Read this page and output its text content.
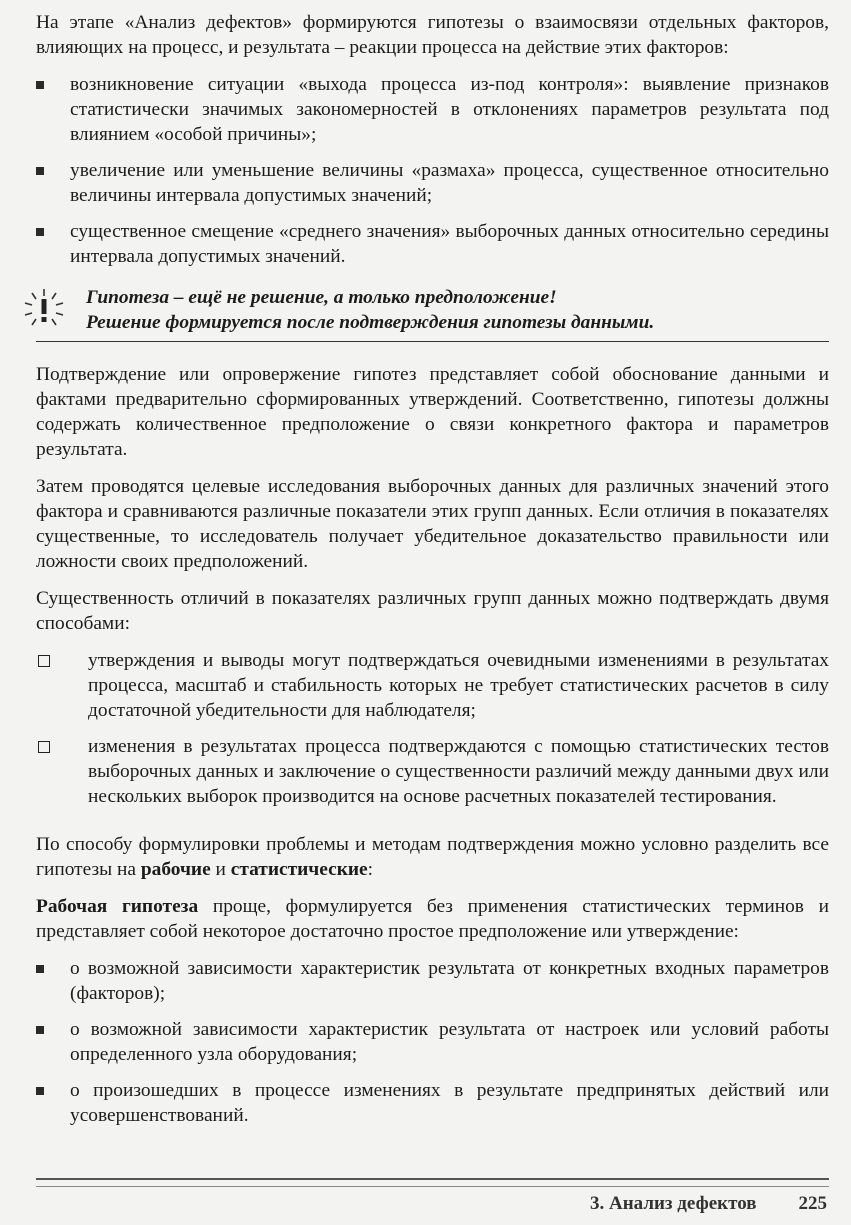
На этапе «Анализ дефектов» формируются гипотезы о взаимосвязи отдельных факторов, влияющих на процесс, и результата – реакции процесса на действие этих факторов:

возникновение ситуации «выхода процесса из-под контроля»: выявление признаков статистически значимых закономерностей в отклонениях параметров результата под влиянием «особой причины»;
увеличение или уменьшение величины «размаха» процесса, существенное относительно величины интервала допустимых значений;
существенное смещение «среднего значения» выборочных данных относительно середины интервала допустимых значений.
Гипотеза – ещё не решение, а только предположение!
Решение формируется после подтверждения гипотезы данными.

Подтверждение или опровержение гипотез представляет собой обоснование данными и фактами предварительно сформированных утверждений. Соответственно, гипотезы должны содержать количественное предположение о связи конкретного фактора и параметров результата.

Затем проводятся целевые исследования выборочных данных для различных значений этого фактора и сравниваются различные показатели этих групп данных. Если отличия в показателях существенные, то исследователь получает убедительное доказательство правильности или ложности своих предположений.

Существенность отличий в показателях различных групп данных можно подтверждать двумя способами:

утверждения и выводы могут подтверждаться очевидными изменениями в результатах процесса, масштаб и стабильность которых не требует статистических расчетов в силу достаточной убедительности для наблюдателя;
изменения в результатах процесса подтверждаются с помощью статистических тестов выборочных данных и заключение о существенности различий между данными двух или нескольких выборок производится на основе расчетных показателей тестирования.

По способу формулировки проблемы и методам подтверждения можно условно разделить все гипотезы на рабочие и статистические:

Рабочая гипотеза проще, формулируется без применения статистических терминов и представляет собой некоторое достаточно простое предположение или утверждение:

о возможной зависимости характеристик результата от конкретных входных параметров (факторов);
о возможной зависимости характеристик результата от настроек или условий работы определенного узла оборудования;
о произошедших в процессе изменениях в результате предпринятых действий или усовершенствований.
3. Анализ дефектов 225
